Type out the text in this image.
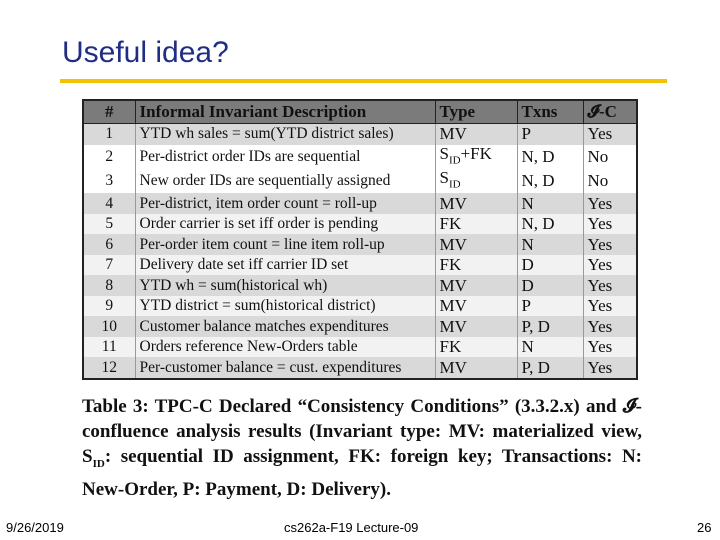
Useful idea?
#	Informal Invariant Description	Type	Txns	𝓘-C
1	YTD wh sales = sum(YTD district sales)	MV	P	Yes
2	Per-district order IDs are sequential	$S_{ID}+FK$	N, D	No
3	New order IDs are sequentially assigned	$S_{ID}$	N, D	No
4	Per-district, item order count = roll-up	MV	N	Yes
5	Order carrier is set iff order is pending	FK	N, D	Yes
6	Per-order item count = line item roll-up	MV	N	Yes
7	Delivery date set iff carrier ID set	FK	D	Yes
8	YTD wh = sum(historical wh)	MV	D	Yes
9	YTD district = sum(historical district)	MV	P	Yes
10	Customer balance matches expenditures	MV	P, D	Yes
11	Orders reference New-Orders table	FK	N	Yes
12	Per-customer balance = cust. expenditures	MV	P, D	Yes
Table 3: TPC-C Declared “Consistency Conditions” (3.3.2.x) and 𝓘-confluence analysis results (Invariant type: MV: materialized view, $S_{ID}$: sequential ID assignment, FK: foreign key; Transactions: N: New-Order, P: Payment, D: Delivery).
9/26/2019	cs262a-F19 Lecture-09	26
